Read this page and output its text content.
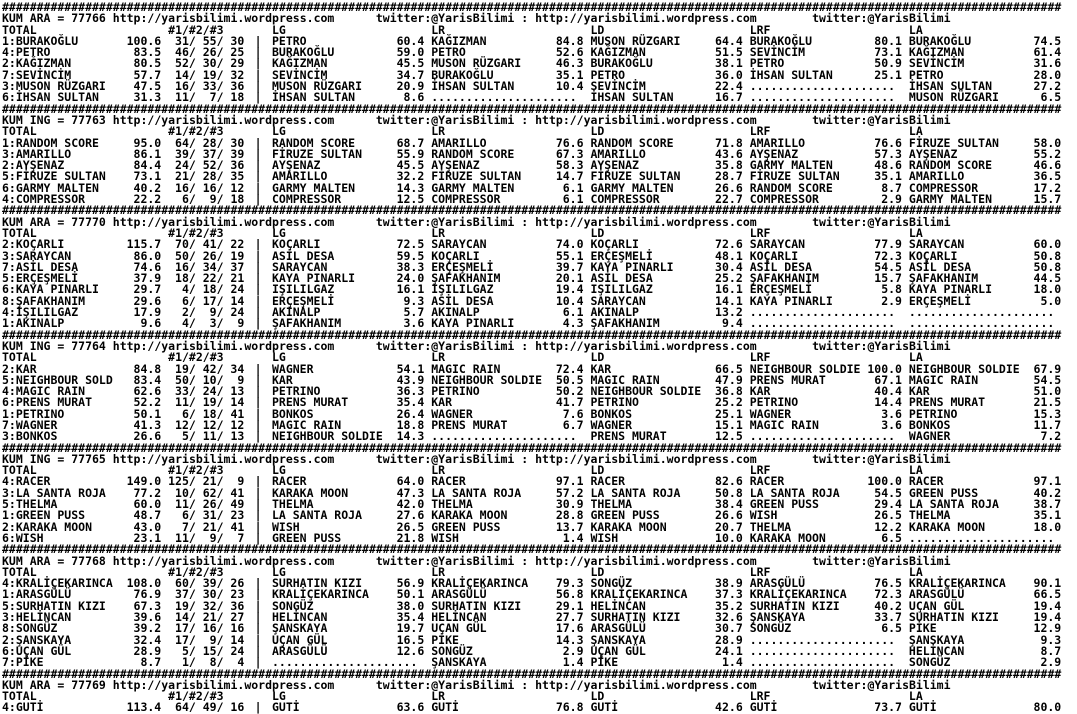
#########################################################################################################################################################
KUM ARA = 77766 http://yarisbilimi.wordpress.com	twitter:@YarisBilimi : http://yarisbilimi.wordpress.com	twitter:@YarisBilimi
TOTAL	#1/#2/#3	LG	LR	LD	LRF	LA
1:BURAKOĞLU	100.6 31/ 55/ 30 | PETRO	60.4 KAĞIZMAN	84.8 MUSON RÜZGARI	64.4 BURAKOĞLU	80.1 BURAKOĞLU	74.5
4:PETRO	83.5 46/ 26/ 25 | BURAKOĞLU	59.0 PETRO	52.6 KAĞIZMAN	51.5 SEVİNCİM	73.1 KAĞIZMAN	61.4
2:KAĞIZMAN	80.5 52/ 30/ 29 | KAĞIZMAN	45.5 MUSON RÜZGARI	46.3 BURAKOĞLU	38.1 PETRO	50.9 SEVİNCİM	31.6
7:SEVİNCİM	57.7 14/ 19/ 32 | SEVİNCİM	34.7 BURAKOĞLU	35.1 PETRO	36.0 İHSAN SULTAN	25.1 PETRO	28.0
3:MUSON RÜZGARI 47.5 16/ 33/ 36 | MUSON RÜZGARI	20.9 İHSAN SULTAN	10.4 SEVİNCİM	22.4 ..................... İHSAN SULTAN	27.2
6:İHSAN SULTAN	31.3 11/  7/ 18 | İHSAN SULTAN	8.6 ..................... İHSAN SULTAN	16.7 ..................... MUSON RÜZGARI	6.5
#########################################################################################################################################################
KUM ING = 77763 http://yarisbilimi.wordpress.com	twitter:@YarisBilimi : http://yarisbilimi.wordpress.com	twitter:@YarisBilimi
TOTAL	#1/#2/#3	LG	LR	LD	LRF	LA
1:RANDOM SCORE	95.0 64/ 28/ 30 | RANDOM SCORE	68.7 AMARILLO	76.6 RANDOM SCORE	71.8 AMARILLO	76.6 FİRUZE SULTAN	58.0
3:AMARILLO	86.1 39/ 37/ 39 | FİRUZE SULTAN	55.9 RANDOM SCORE	67.3 AMARILLO	43.6 AYŞENAZ	57.3 AYŞENAZ	55.2
2:AYŞENAZ	84.4 24/ 52/ 36 | AYŞENAZ	45.5 AYŞENAZ	58.3 AYŞENAZ	35.8 GARMY MALTEN	48.6 RANDOM SCORE	46.6
5:FİRUZE SULTAN 73.1 21/ 28/ 35 | AMARILLO	32.2 FİRUZE SULTAN	14.7 FİRUZE SULTAN	28.7 FİRUZE SULTAN	35.1 AMARILLO	36.5
6:GARMY MALTEN	40.2 16/ 16/ 12 | GARMY MALTEN	14.3 GARMY MALTEN	6.1 GARMY MALTEN	26.6 RANDOM SCORE	8.7 COMPRESSOR	17.2
4:COMPRESSOR	22.2 6/  9/ 18 | COMPRESSOR	12.5 COMPRESSOR	6.1 COMPRESSOR	22.7 COMPRESSOR	2.9 GARMY MALTEN	15.7
#########################################################################################################################################################
KUM ARA = 77770 http://yarisbilimi.wordpress.com	twitter:@YarisBilimi : http://yarisbilimi.wordpress.com	twitter:@YarisBilimi
TOTAL	#1/#2/#3	LG	LR	LD	LRF	LA
2:KOÇARLI	115.7 70/ 41/ 22 | KOÇARLI	72.5 SARAYCAN	74.0 KOÇARLI	72.6 SARAYCAN	77.9 SARAYCAN	60.0
3:SARAYCAN	86.0 50/ 26/ 19 | ASİL DESA	59.5 KOÇARLI	55.1 ERÇEŞMELİ	48.1 KOÇARLI	72.3 KOÇARLI	50.8
7:ASİL DESA	74.6 16/ 34/ 37 | SARAYCAN	38.3 ERÇEŞMELİ	39.7 KAYA PINARLI	30.4 ASİL DESA	54.5 ASİL DESA	50.8
5:ERÇEŞMELİ	37.9 18/ 22/ 21 | KAYA PINARLI	24.0 ŞAFAKHANIM	20.1 ASİL DESA	25.2 ŞAFAKHANIM	15.7 ŞAFAKHANIM	44.5
6:KAYA PINARLI	29.7 4/ 18/ 24 | IŞILILGAZ	16.1 IŞILILGAZ	19.4 IŞILILGAZ	16.1 ERÇEŞMELİ	5.8 KAYA PINARLI	18.0
8:ŞAFAKHANIM	29.6 6/ 17/ 14 | ERÇEŞMELİ	9.3 ASİL DESA	10.4 SARAYCAN	14.1 KAYA PINARLI	2.9 ERÇEŞMELİ	5.0
4:IŞILILGAZ	17.9 2/  9/ 24 | AKINALP	5.7 AKINALP	6.1 AKINALP	13.2 ..................... .....................
1:AKINALP	9.6 4/  3/  9 | ŞAFAKHANIM	3.6 KAYA PINARLI	4.3 ŞAFAKHANIM	9.4 ..................... .....................
#########################################################################################################################################################
KUM ING = 77764 http://yarisbilimi.wordpress.com	twitter:@YarisBilimi : http://yarisbilimi.wordpress.com	twitter:@YarisBilimi
TOTAL	#1/#2/#3	LG	LR	LD	LRF	LA
2:KAR	84.8 19/ 42/ 34 | WAGNER	54.1 MAGIC RAIN	72.4 KAR	66.5 NEIGHBOUR SOLDIE 100.0 NEIGHBOUR SOLDIE 67.9
5:NEIGHBOUR SOLD 83.4 50/ 10/  9 | KAR	43.9 NEIGHBOUR SOLDIE 50.5 MAGIC RAIN	47.9 PRENS MURAT	67.1 MAGIC RAIN	54.5
4:MAGIC RAIN	62.6 33/ 24/ 13 | PETRINO	36.3 PETRINO	50.2 NEIGHBOUR SOLDIE 36.8 KAR	40.4 KAR	51.0
6:PRENS MURAT	52.2 11/ 19/ 14 | PRENS MURAT	35.4 KAR	41.7 PETRINO	25.2 PETRINO	14.4 PRENS MURAT	21.5
1:PETRINO	50.1 6/ 18/ 41 | BONKOS	26.4 WAGNER	7.6 BONKOS	25.1 WAGNER	3.6 PETRINO	15.3
7:WAGNER	41.3 12/ 12/ 12 | MAGIC RAIN	18.8 PRENS MURAT	6.7 WAGNER	15.1 MAGIC RAIN	3.6 BONKOS	11.7
3:BONKOS	26.6 5/ 11/ 13 | NEIGHBOUR SOLDIE 14.3 ..................... PRENS MURAT	12.5 ..................... WAGNER	7.2
#########################################################################################################################################################
KUM ING = 77765 http://yarisbilimi.wordpress.com	twitter:@YarisBilimi : http://yarisbilimi.wordpress.com	twitter:@YarisBilimi
TOTAL	#1/#2/#3	LG	LR	LD	LRF	LA
4:RACER	149.0 125/ 21/  9 | RACER	64.0 RACER	97.1 RACER	82.6 RACER	100.0 RACER	97.1
3:LA SANTA ROJA 77.2 10/ 62/ 41 | KARAKA MOON	47.3 LA SANTA ROJA	57.2 LA SANTA ROJA	50.8 LA SANTA ROJA	54.5 GREEN PUSS	40.2
5:THELMA	60.0 11/ 26/ 49 | THELMA	42.0 THELMA	30.9 THELMA	38.4 GREEN PUSS	29.4 LA SANTA ROJA	38.7
1:GREEN PUSS	48.7 6/ 31/ 23 | LA SANTA ROJA	27.6 KARAKA MOON	28.8 GREEN PUSS	26.6 WISH	26.5 THELMA	35.1
2:KARAKA MOON	43.0 7/ 21/ 41 | WISH	26.5 GREEN PUSS	13.7 KARAKA MOON	20.7 THELMA	12.2 KARAKA MOON	18.0
6:WISH	23.1 11/  9/  7 | GREEN PUSS	21.8 WISH	1.4 WISH	10.0 KARAKA MOON	6.5 .....................
#########################################################################################################################################################
KUM ARA = 77768 http://yarisbilimi.wordpress.com	twitter:@YarisBilimi : http://yarisbilimi.wordpress.com	twitter:@YarisBilimi
TOTAL	#1/#2/#3	LG	LR	LD	LRF	LA
4:KRALİÇEKARINCA 108.0 60/ 39/ 26 | SURHATIN KIZI	56.9 KRALİÇEKARINCA 79.3 SONGÜZ	38.9 ARASGÜLÜ	76.5 KRALİÇEKARINCA 90.1
1:ARASGÜLÜ	76.9 37/ 30/ 23 | KRALİÇEKARINCA 50.1 ARASGÜLÜ	56.8 KRALİÇEKARINCA 37.3 KRALİÇEKARINCA 72.3 ARASGÜLÜ	66.5
5:SURHATIN KIZI 67.3 19/ 32/ 36 | SONGÜZ	38.0 SURHATIN KIZI	29.1 HELİNCAN	35.2 SURHATIN KIZI	40.2 UÇAN GÜL	19.4
3:HELİNCAN	39.6 14/ 21/ 27 | HELİNCAN	35.4 HELİNCAN	27.7 SURHATIN KIZI	32.6 ŞANSKAYA	33.7 SURHATIN KIZI	19.4
8:SONGÜZ	39.2 17/ 16/ 16 | ŞANSKAYA	19.7 UÇAN GÜL	17.6 ARASGÜLÜ	30.7 SONGÜZ	6.5 PİKE	12.9
2:ŞANSKAYA	32.4 17/  9/ 14 | UÇAN GÜL	16.5 PİKE	14.3 ŞANSKAYA	28.9 ..................... ŞANSKAYA	9.3
6:UÇAN GÜL	28.9 5/ 15/ 24 | ARASGÜLÜ	12.6 SONGÜZ	2.9 UÇAN GÜL	24.1 ..................... HELİNCAN	8.7
7:PİKE	8.7 1/  8/  4 | ..................... ŞANSKAYA	1.4 PİKE	1.4 ..................... SONGÜZ	2.9
#########################################################################################################################################################
KUM ARA = 77769 http://yarisbilimi.wordpress.com	twitter:@YarisBilimi : http://yarisbilimi.wordpress.com	twitter:@YarisBilimi
TOTAL	#1/#2/#3	LG	LR	LD	LRF	LA
4:GUTİ	113.4 64/ 49/ 16 | GUTİ	63.6 GUTİ	76.8 GUTİ	42.6 GUTİ	73.7 GUTİ	80.0
